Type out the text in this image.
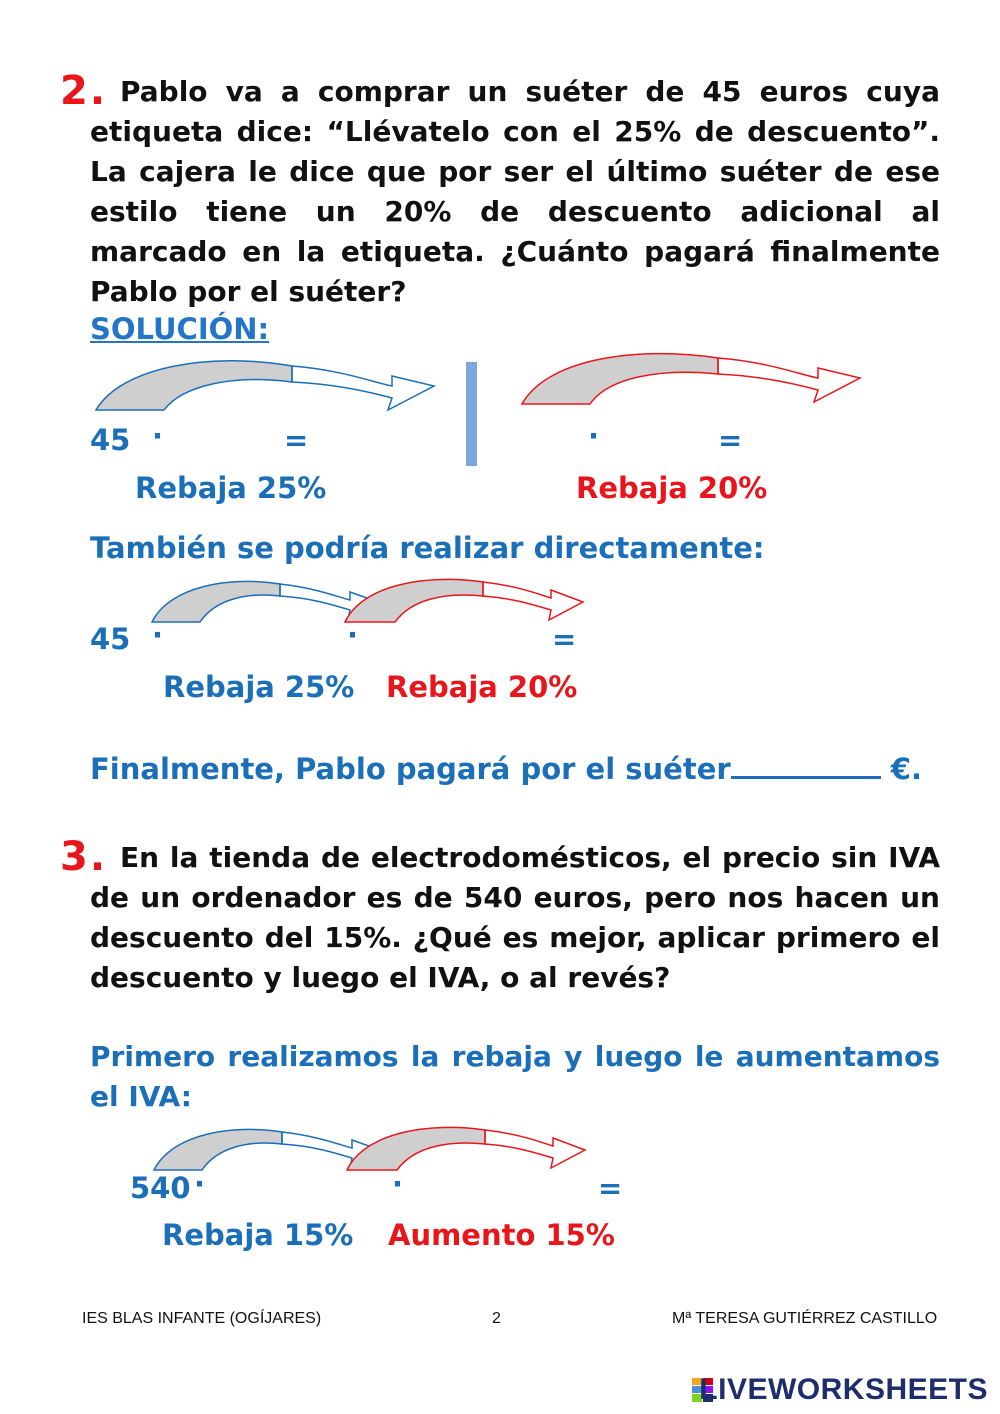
2. Pablo va a comprar un suéter de 45 euros cuya etiqueta dice: “Llévatelo con el 25% de descuento”. La cajera le dice que por ser el último suéter de ese estilo tiene un 20% de descuento adicional al marcado en la etiqueta. ¿Cuánto pagará finalmente Pablo por el suéter?
SOLUCIÓN:
45 ·	=
Rebaja 25%
·	=
Rebaja 20%
También se podría realizar directamente:
45 ·	·	=
Rebaja 25% Rebaja 20%
Finalmente, Pablo pagará por el suéter	€.
3. En la tienda de electrodomésticos, el precio sin IVA de un ordenador es de 540 euros, pero nos hacen un descuento del 15%. ¿Qué es mejor, aplicar primero el descuento y luego el IVA, o al revés?
Primero realizamos la rebaja y luego le aumentamos el IVA:
540 ·	·	=
Rebaja 15% Aumento 15%
IES BLAS INFANTE (OGÍJARES)	2	Mª TERESA GUTIÉRREZ CASTILLO
LIVEWORKSHEETS
